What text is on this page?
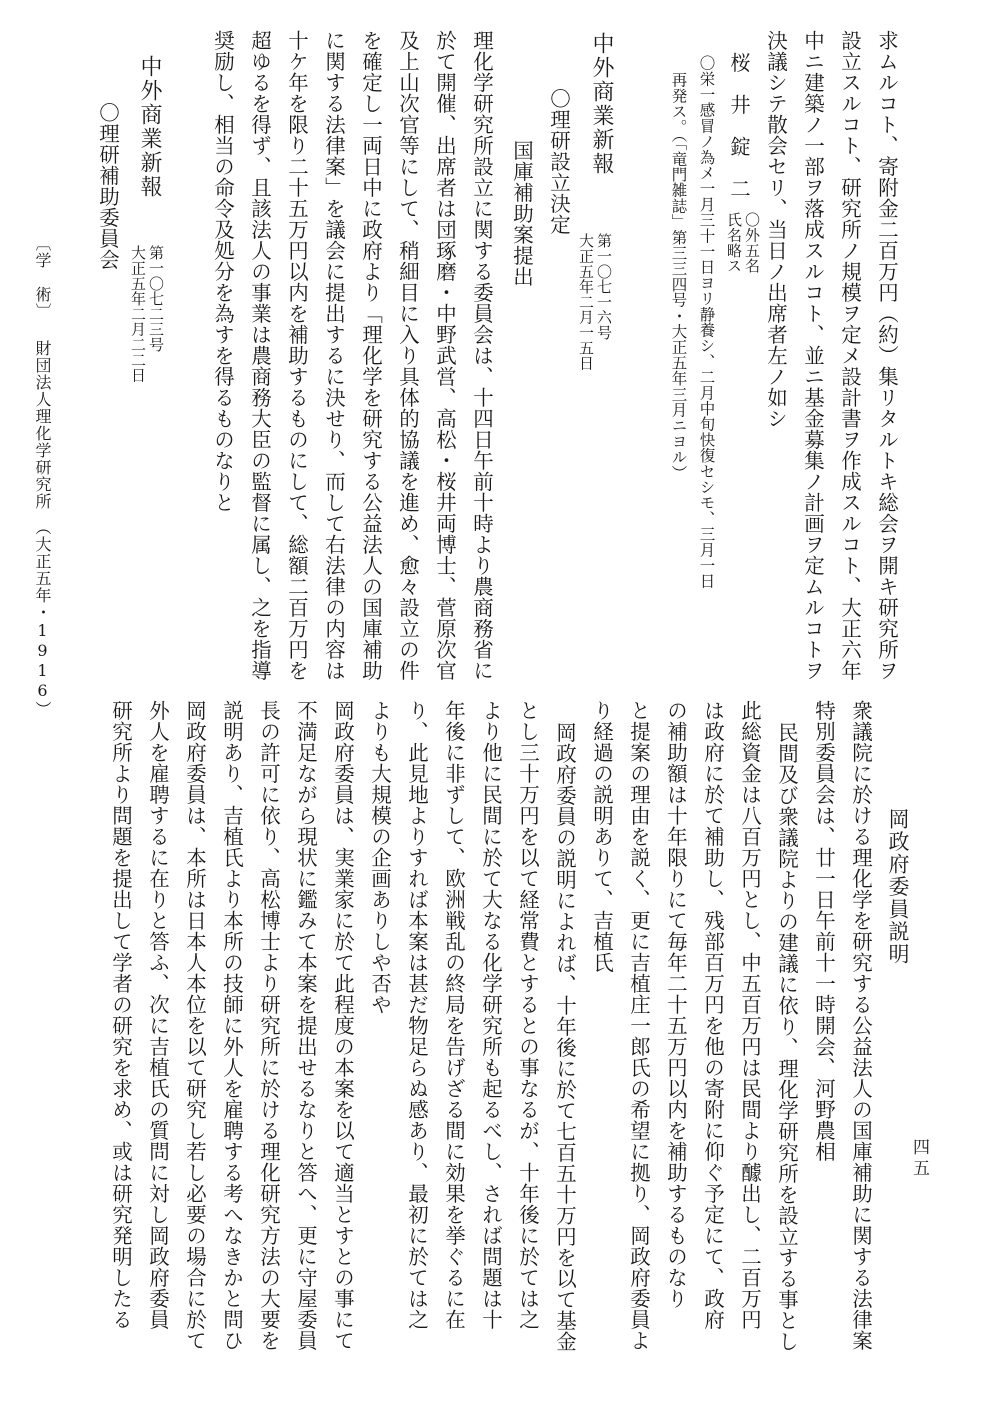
求ムルコト、寄附金二百万円（約）集リタルトキ総会ヲ開キ研究所ヲ
設立スルコト、研究所ノ規模ヲ定メ設計書ヲ作成スルコト、大正六年
中ニ建築ノ一部ヲ落成スルコト、並ニ基金募集ノ計画ヲ定ムルコトヲ
決議シテ散会セリ、当日ノ出席者左ノ如シ
桜　井　錠　二
〇外五名
氏名略ス
〇栄一感冒ノ為メ一月三十一日ヨリ静養シ、二月中旬快復セシモ、三月一日
再発ス。（「竜門雑誌」第三三四号・大正五年三月ニヨル）
中外商業新報
第一〇七一六号
大正五年二月一五日
〇理研設立決定
国庫補助案提出
理化学研究所設立に関する委員会は、十四日午前十時より農商務省に
於て開催、出席者は団琢磨・中野武営、高松・桜井両博士、菅原次官
及上山次官等にして、稍細目に入り具体的協議を進め、愈々設立の件
を確定し一両日中に政府より「理化学を研究する公益法人の国庫補助
に関する法律案」を議会に提出するに決せり、而して右法律の内容は
十ケ年を限り二十五万円以内を補助するものにして、総額二百万円を
超ゆるを得ず、且該法人の事業は農商務大臣の監督に属し、之を指導
奨励し、相当の命令及処分を為すを得るものなりと
中外商業新報
第一〇七二三号
大正五年二月二二日
〇理研補助委員会
〔学　術〕
財団法人理化学研究所　（大正五年・1916）
岡政府委員説明
衆議院に於ける理化学を研究する公益法人の国庫補助に関する法律案
特別委員会は、廿一日午前十一時開会、河野農相
民間及び衆議院よりの建議に依り、理化学研究所を設立する事とし
此総資金は八百万円とし、中五百万円は民間より醵出し、二百万円
は政府に於て補助し、残部百万円を他の寄附に仰ぐ予定にて、政府
の補助額は十年限りにて毎年二十五万円以内を補助するものなり
と提案の理由を説く、更に吉植庄一郎氏の希望に拠り、岡政府委員よ
り経過の説明ありて、吉植氏
岡政府委員の説明によれば、十年後に於て七百五十万円を以て基金
とし三十万円を以て経常費とするとの事なるが、十年後に於ては之
より他に民間に於て大なる化学研究所も起るべし、されば問題は十
年後に非ずして、欧洲戦乱の終局を告げざる間に効果を挙ぐるに在
り、此見地よりすれば本案は甚だ物足らぬ感あり、最初に於ては之
よりも大規模の企画ありしや否や
岡政府委員は、実業家に於て此程度の本案を以て適当とすとの事にて
不満足ながら現状に鑑みて本案を提出せるなりと答へ、更に守屋委員
長の許可に依り、高松博士より研究所に於ける理化研究方法の大要を
説明あり、吉植氏より本所の技師に外人を雇聘する考へなきかと問ひ
岡政府委員は、本所は日本人本位を以て研究し若し必要の場合に於て
外人を雇聘するに在りと答ふ、次に吉植氏の質問に対し岡政府委員
研究所より問題を提出して学者の研究を求め、或は研究発明したる	四五
